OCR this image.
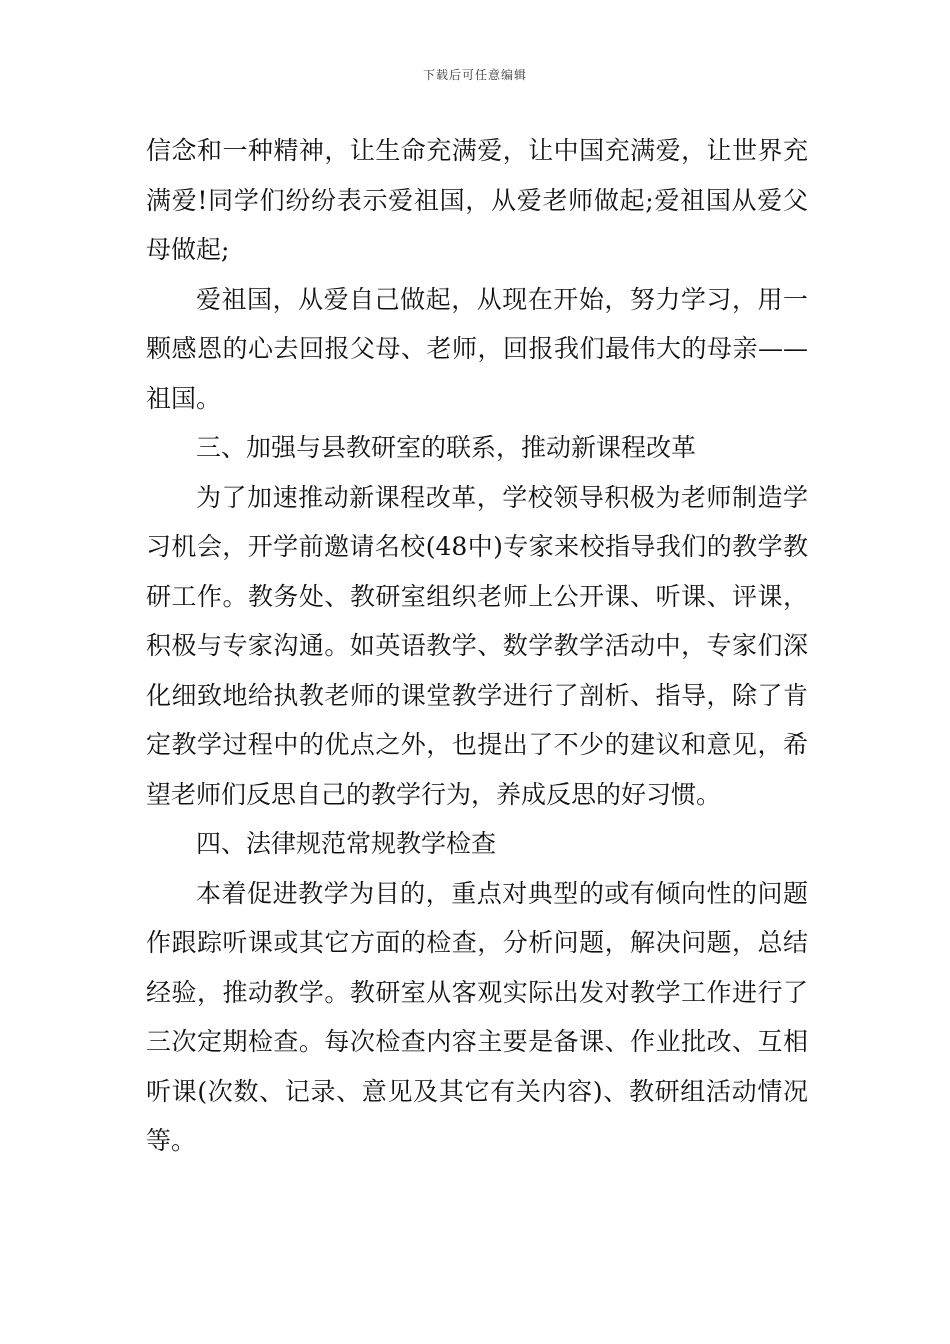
下载后可任意编辑

信念和一种精神，让生命充满爱，让中国充满爱，让世界充满爱!同学们纷纷表示爱祖国，从爱老师做起;爱祖国从爱父母做起;

爱祖国，从爱自己做起，从现在开始，努力学习，用一颗感恩的心去回报父母、老师，回报我们最伟大的母亲——祖国。

三、加强与县教研室的联系，推动新课程改革

为了加速推动新课程改革，学校领导积极为老师制造学习机会，开学前邀请名校(48中)专家来校指导我们的教学教研工作。教务处、教研室组织老师上公开课、听课、评课，积极与专家沟通。如英语教学、数学教学活动中，专家们深化细致地给执教老师的课堂教学进行了剖析、指导，除了肯定教学过程中的优点之外，也提出了不少的建议和意见，希望老师们反思自己的教学行为，养成反思的好习惯。

四、法律规范常规教学检查

本着促进教学为目的，重点对典型的或有倾向性的问题作跟踪听课或其它方面的检查，分析问题，解决问题，总结经验，推动教学。教研室从客观实际出发对教学工作进行了三次定期检查。每次检查内容主要是备课、作业批改、互相听课(次数、记录、意见及其它有关内容)、教研组活动情况等。
